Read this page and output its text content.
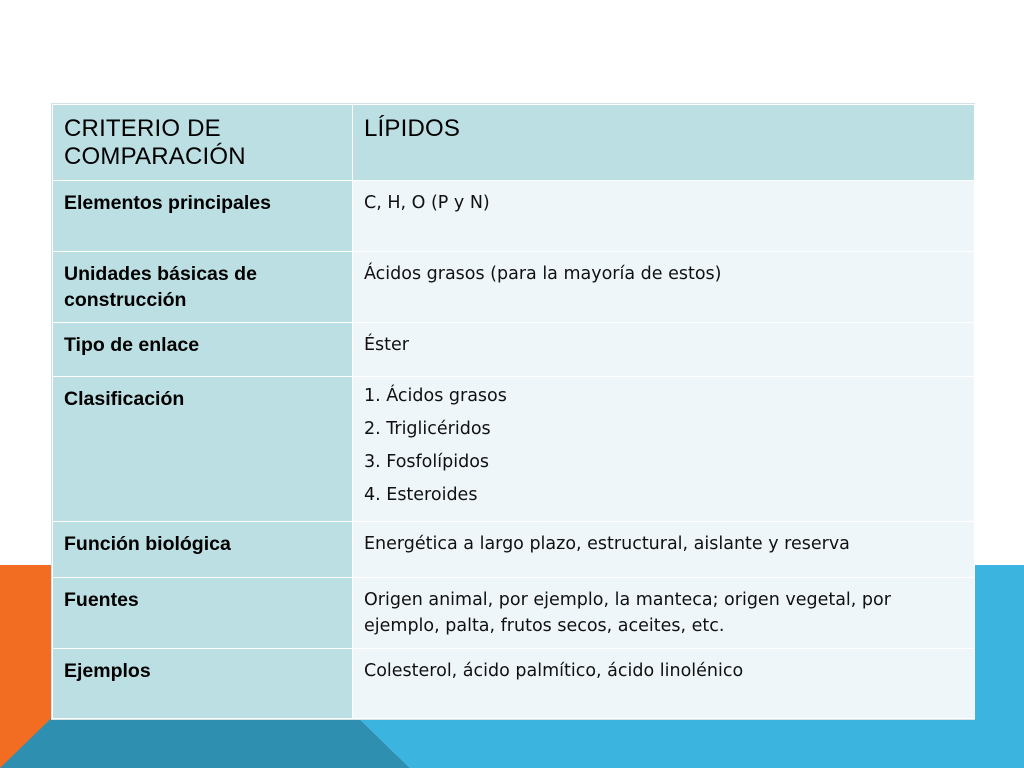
CRITERIO DE COMPARACIÓN	LÍPIDOS
Elementos principales	C, H, O (P y N)
Unidades básicas de construcción	Ácidos grasos (para la mayoría de estos)
Tipo de enlace	Éster
Clasificación	1. Ácidos grasos
2. Triglicéridos
3. Fosfolípidos
4. Esteroides

Función biológica	Energética a largo plazo, estructural, aislante y reserva
Fuentes	Origen animal, por ejemplo, la manteca; origen vegetal, por ejemplo, palta, frutos secos, aceites, etc.
Ejemplos	Colesterol, ácido palmítico, ácido linolénico
